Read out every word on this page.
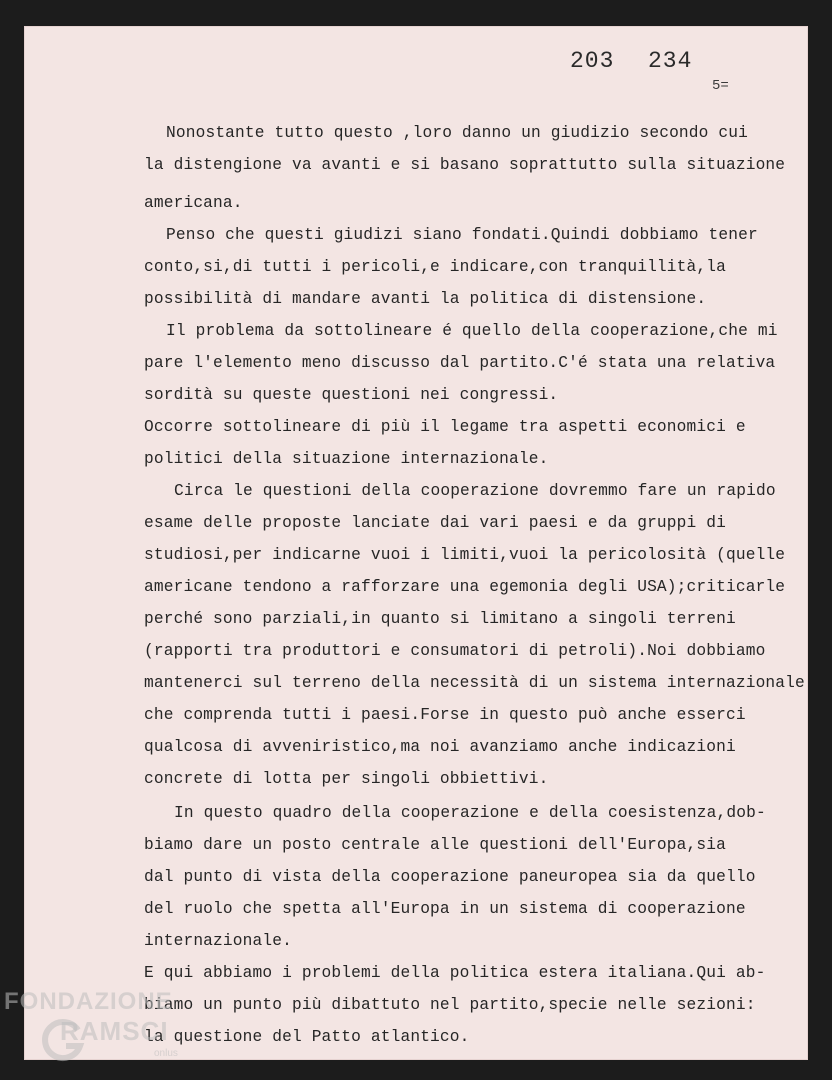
203 234
5=
Nonostante tutto questo ,loro danno un giudizio secondo cui
la distengione va avanti e si basano soprattutto sulla situazione
americana.
Penso che questi giudizi siano fondati.Quindi dobbiamo tener
conto,si,di tutti i pericoli,e indicare,con tranquillità,la
possibilità di mandare avanti la politica di distensione.
Il problema da sottolineare é quello della cooperazione,che mi
pare l'elemento meno discusso dal partito.C'é stata una relativa
sordità su queste questioni nei congressi.
Occorre sottolineare di più il legame tra aspetti economici e
politici della situazione internazionale.
Circa le questioni della cooperazione dovremmo fare un rapido
esame delle proposte lanciate dai vari paesi e da gruppi di
studiosi,per indicarne vuoi i limiti,vuoi la pericolosità (quelle
americane tendono a rafforzare una egemonia degli USA);criticarle
perché sono parziali,in quanto si limitano a singoli terreni
(rapporti tra produttori e consumatori di petroli).Noi dobbiamo
mantenerci sul terreno della necessità di un sistema internazionale
che comprenda tutti i paesi.Forse in questo può anche esserci
qualcosa di avveniristico,ma noi avanziamo anche indicazioni
concrete di lotta per singoli obbiettivi.
In questo quadro della cooperazione e della coesistenza,dob-
biamo dare un posto centrale alle questioni dell'Europa,sia
dal punto di vista della cooperazione paneuropea sia da quello
del ruolo che spetta all'Europa in un sistema di cooperazione
internazionale.
E qui abbiamo i problemi della politica estera italiana.Qui ab-
biamo un punto più dibattuto nel partito,specie nelle sezioni:
la questione del Patto atlantico.
FONDAZIONE
RAMSCI
onlus
